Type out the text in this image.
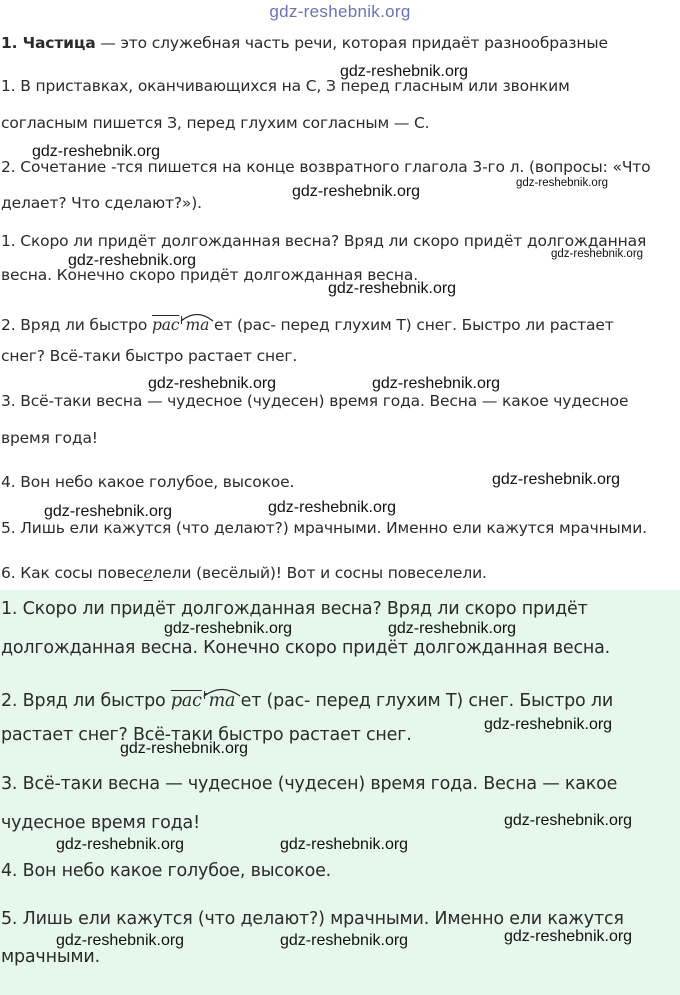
gdz-reshebnik.org
1. Частица — это служебная часть речи, которая придаёт разнообразные
1. В приставках, оканчивающихся на С, З перед гласным или звонким
согласным пишется З, перед глухим согласным — С.
2. Сочетание -тся пишется на конце возвратного глагола 3-го л. (вопросы: «Что
делает? Что сделают?»).
1. Скоро ли придёт долгожданная весна? Вряд ли скоро придёт долгожданная
весна. Конечно скоро придёт долгожданная весна.
2. Вряд ли быстро рас
 ′ 
та ет (рас- перед глухим Т) снег. Быстро ли растает
снег? Всё-таки быстро растает снег.
3. Всё-таки весна — чудесное (чудесен) время года. Весна — какое чудесное
время года!
4. Вон небо какое голубое, высокое.
5. Лишь ели кажутся (что делают?) мрачными. Именно ели кажутся мрачными.
6. Как сосы повеселели (весёлый)! Вот и сосны повеселели.
1. Скоро ли придёт долгожданная весна? Вряд ли скоро придёт
долгожданная весна. Конечно скоро придёт долгожданная весна.
2. Вряд ли быстро рас
 ′ 
та ет (рас- перед глухим Т) снег. Быстро ли
растает снег? Всё-таки быстро растает снег.
3. Всё-таки весна — чудесное (чудесен) время года. Весна — какое
чудесное время года!
4. Вон небо какое голубое, высокое.
5. Лишь ели кажутся (что делают?) мрачными. Именно ели кажутся
мрачными.
gdz-reshebnik.org
gdz-reshebnik.org
gdz-reshebnik.org	gdz-reshebnik.org
gdz-reshebnik.org	gdz-reshebnik.org
gdz-reshebnik.org
gdz-reshebnik.org	gdz-reshebnik.org
gdz-reshebnik.org
gdz-reshebnik.org	gdz-reshebnik.org
gdz-reshebnik.org	gdz-reshebnik.org
gdz-reshebnik.org
gdz-reshebnik.org
gdz-reshebnik.org
gdz-reshebnik.org	gdz-reshebnik.org
gdz-reshebnik.org
gdz-reshebnik.org	gdz-reshebnik.org
